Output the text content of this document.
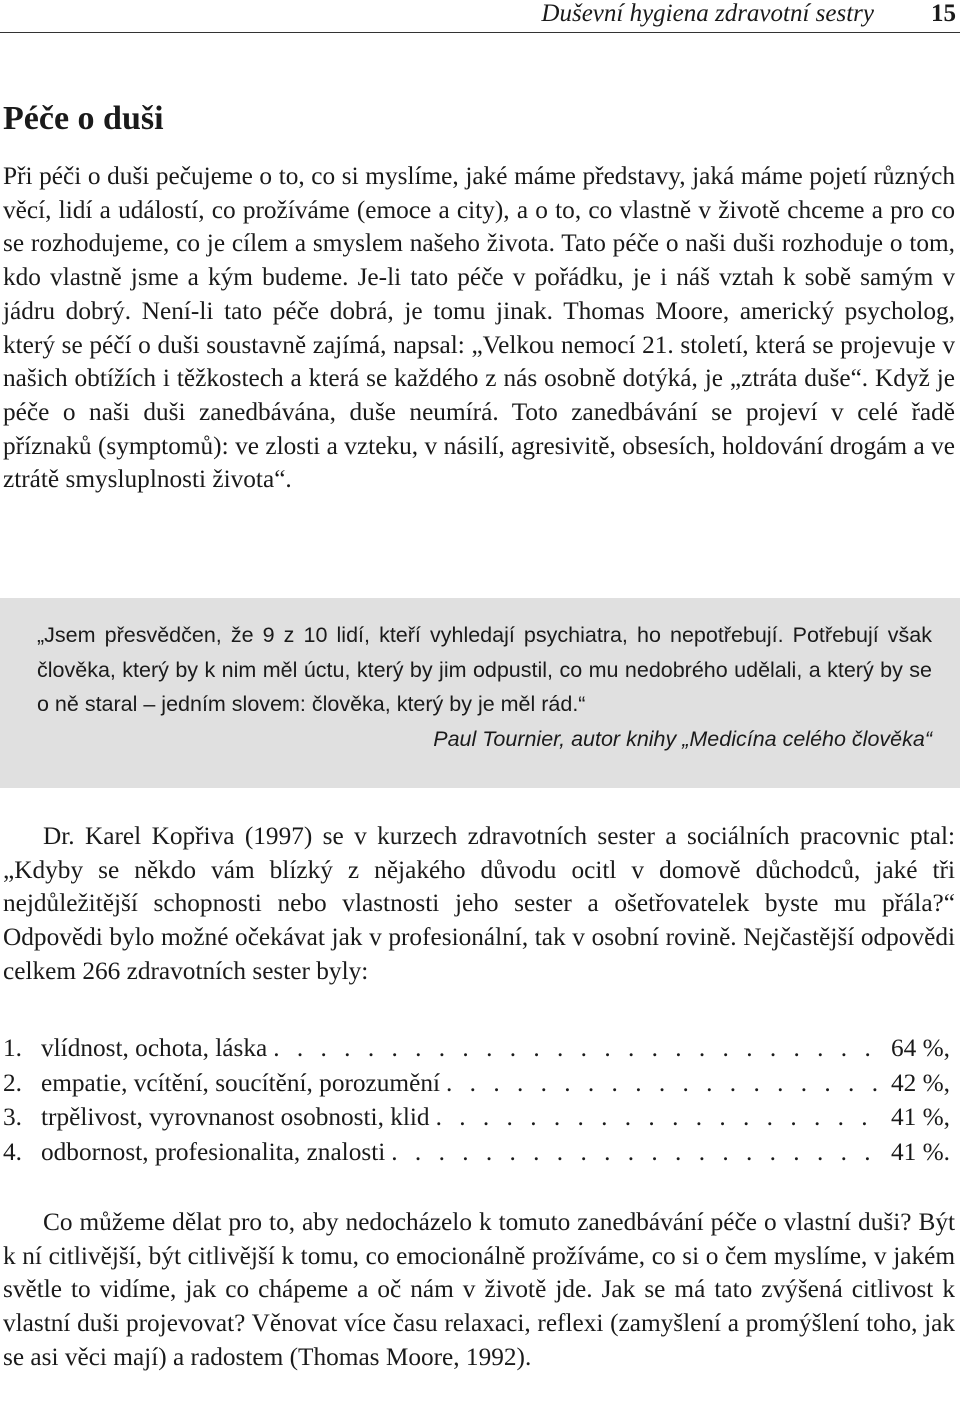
Duševní hygiena zdravotní sestry 15
Péče o duši

Při péči o duši pečujeme o to, co si myslíme, jaké máme představy, jaká máme pojetí různých věcí, lidí a událostí, co prožíváme (emoce a city), a o to, co vlastně v životě chceme a pro co se rozhodujeme, co je cílem a smyslem našeho života. Tato péče o naši duši rozhoduje o tom, kdo vlastně jsme a kým budeme. Je-li tato péče v pořádku, je i náš vztah k sobě samým v jádru dobrý. Není-li tato péče dobrá, je tomu jinak. Thomas Moore, americký psycholog, který se péčí o duši soustavně zajímá, napsal: „Velkou nemocí 21. století, která se projevuje v našich obtížích i těžkostech a která se každého z nás osobně dotýká, je „ztráta duše“. Když je péče o naši duši zanedbávána, duše neumírá. Toto zanedbávání se projeví v celé řadě příznaků (symptomů): ve zlosti a vzteku, v násilí, agresivitě, obsesích, holdování drogám a ve ztrátě smysluplnosti života“.

„Jsem přesvědčen, že 9 z 10 lidí, kteří vyhledají psychiatra, ho nepotřebují. Potřebují však člověka, který by k nim měl úctu, který by jim odpustil, co mu nedobrého udělali, a který by se o ně staral – jedním slovem: člověka, který by je měl rád.“
Paul Tournier, autor knihy „Medicína celého člověka“

Dr. Karel Kopřiva (1997) se v kurzech zdravotních sester a sociálních pracovnic ptal: „Kdyby se někdo vám blízký z nějakého důvodu ocitl v domově důchodců, jaké tři nejdůležitější schopnosti nebo vlastnosti jeho sester a ošetřovatelek byste mu přála?“ Odpovědi bylo možné očekávat jak v profesionální, tak v osobní rovině. Nejčastější odpovědi celkem 266 zdravotních sester byly:

1. vlídnost, ochota, láska . . .	64 %,
2. empatie, vcítění, soucítění, porozumění . . .	42 %,
3. trpělivost, vyrovnanost osobnosti, klid . . .	41 %,
4. odbornost, profesionalita, znalosti . . .	41 %.

Co můžeme dělat pro to, aby nedocházelo k tomuto zanedbávání péče o vlastní duši? Být k ní citlivější, být citlivější k tomu, co emocionálně prožíváme, co si o čem myslíme, v jakém světle to vidíme, jak co chápeme a oč nám v životě jde. Jak se má tato zvýšená citlivost k vlastní duši projevovat? Věnovat více času relaxaci, reflexi (zamyšlení a promýšlení toho, jak se asi věci mají) a radostem (Thomas Moore, 1992).
